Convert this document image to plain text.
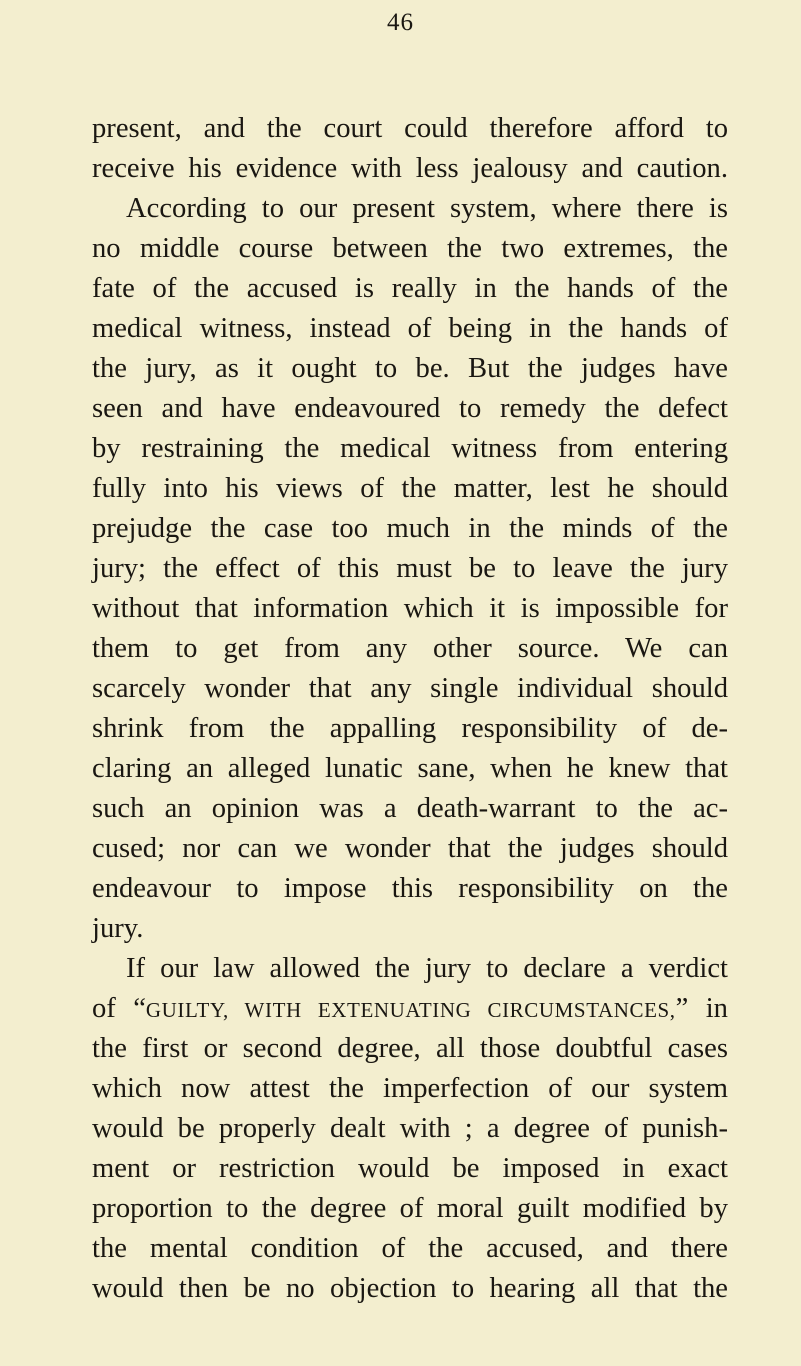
46
present, and the court could therefore afford to
receive his evidence with less jealousy and caution.
According to our present system, where there is
no middle course between the two extremes, the
fate of the accused is really in the hands of the
medical witness, instead of being in the hands of
the jury, as it ought to be. But the judges have
seen and have endeavoured to remedy the defect
by restraining the medical witness from entering
fully into his views of the matter, lest he should
prejudge the case too much in the minds of the
jury; the effect of this must be to leave the jury
without that information which it is impossible for
them to get from any other source. We can
scarcely wonder that any single individual should
shrink from the appalling responsibility of de-
claring an alleged lunatic sane, when he knew that
such an opinion was a death-warrant to the ac-
cused; nor can we wonder that the judges should
endeavour to impose this responsibility on the
jury.
If our law allowed the jury to declare a verdict
of “GUILTY, WITH EXTENUATING CIRCUMSTANCES,” in
the first or second degree, all those doubtful cases
which now attest the imperfection of our system
would be properly dealt with ; a degree of punish-
ment or restriction would be imposed in exact
proportion to the degree of moral guilt modified by
the mental condition of the accused, and there
would then be no objection to hearing all that the
